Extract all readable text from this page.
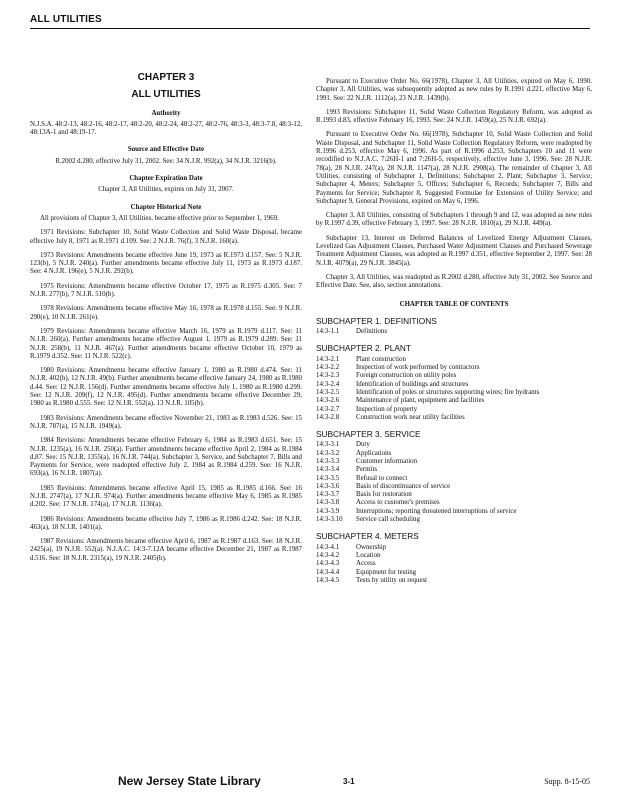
ALL UTILITIES
CHAPTER 3
ALL UTILITIES
Authority
N.J.S.A. 48:2-13, 48:2-16, 48:2-17, 48:2-20, 48:2-24, 48:2-27, 48:2-76, 48:3-3, 48:3-7.8, 48:3-12, 48:13A-1 and 48:19-17.
Source and Effective Date
R.2002 d.280, effective July 31, 2002. See: 34 N.J.R. 992(a), 34 N.J.R. 3216(b).
Chapter Expiration Date
Chapter 3, All Utilities, expires on July 31, 2007.
Chapter Historical Note

All provisions of Chapter 3, All Utilities, became effective prior to September 1, 1969.

1971 Revisions: Subchapter 10, Solid Waste Collection and Solid Waste Disposal, became effective July 8, 1971 as R.1971 d.109. See: 2 N.J.R. 76(f), 3 N.J.R. 160(a).

1973 Revisions: Amendments became effective June 19, 1973 as R.1973 d.157. See: 5 N.J.R. 123(b), 5 N.J.R. 240(a). Further amendments became effective July 11, 1973 as R.1973 d.187. See: 4 N.J.R. 196(e), 5 N.J.R. 292(b).

1975 Revisions: Amendments became effective October 17, 1975 as R.1975 d.305. See: 7 N.J.R. 277(b), 7 N.J.R. 510(b).

1978 Revisions: Amendments became effective May 16, 1978 as R.1978 d.155. See: 9 N.J.R. 290(e), 10 N.J.R. 261(e).

1979 Revisions: Amendments became effective March 16, 1979 as R.1979 d.117. See: 11 N.J.R. 260(a). Further amendments became effective August 1, 1979 as R.1979 d.289. See: 11 N.J.R. 258(b), 11 N.J.R. 467(a). Further amendments became effective October 10, 1979 as R.1979 d.352. See: 11 N.J.R. 522(c).

1980 Revisions: Amendments became effective January 1, 1980 as R.1980 d.474. See: 11 N.J.R. 402(b), 12 N.J.R. 49(b). Further amendments became effective January 24, 1980 as R.1980 d.44. See: 12 N.J.R. 156(d). Further amendments became effective July 1, 1980 as R.1980 d.299. See: 12 N.J.R. 209(f), 12 N.J.R. 495(d). Further amendments became effective December 29, 1980 as R.1980 d.555. See: 12 N.J.R. 552(a), 13 N.J.R. 105(b).

1983 Revisions: Amendments became effective November 21, 1983 as R.1983 d.526. See: 15 N.J.R. 787(a), 15 N.J.R. 1949(a).

1984 Revisions: Amendments became effective February 6, 1984 as R.1983 d.651. See: 15 N.J.R. 1235(a), 16 N.J.R. 250(a). Further amendments became effective April 2, 1984 as R.1984 d.87. See: 15 N.J.R. 1355(a), 16 N.J.R. 744(a). Subchapter 3, Service, and Subchapter 7, Bills and Payments for Service, were readopted effective July 2, 1984 as R.1984 d.259. See: 16 N.J.R. 693(a), 16 N.J.R. 1807(a).

1985 Revisions: Amendments became effective April 15, 1985 as R.1985 d.166. See: 16 N.J.R. 2747(a), 17 N.J.R. 974(a). Further amendments became effective May 6, 1985 as R.1985 d.202. See: 17 N.J.R. 174(a), 17 N.J.R. 1136(a).

1986 Revisions: Amendments became effective July 7, 1986 as R.1986 d.242. See: 18 N.J.R. 463(a), 18 N.J.R. 1401(a).

1987 Revisions: Amendments became effective April 6, 1987 as R.1987 d.163. See: 18 N.J.R. 2425(a), 19 N.J.R. 552(a). N.J.A.C. 14:3-7.12A became effective December 21, 1987 as R.1987 d.516. See: 18 N.J.R. 2315(a), 19 N.J.R. 2405(b).

Pursuant to Executive Order No. 66(1978), Chapter 3, All Utilities, expired on May 6, 1990. Chapter 3, All Utilities, was subsequently adopted as new rules by R.1991 d.221, effective May 6, 1991. See: 22 N.J.R. 1112(a), 23 N.J.R. 1439(b).

1993 Revisions: Subchapter 11, Solid Waste Collection Regulatory Reform, was adopted as R.1993 d.83, effective February 16, 1993. See: 24 N.J.R. 1459(a), 25 N.J.R. 692(a).

Pursuant to Executive Order No. 66(1978), Subchapter 10, Solid Waste Collection and Solid Waste Disposal, and Subchapter 11, Solid Waste Collection Regulatory Reform, were readopted by R.1996 d.253, effective May 6, 1996. As part of R.1996 d.253, Subchapters 10 and 11 were recodified to N.J.A.C. 7:26H-1 and 7:26H-5, respectively, effective June 3, 1996. See: 28 N.J.R. 78(a), 28 N.J.R. 247(a), 28 N.J.R. 1147(a), 28 N.J.R. 2908(a). The remainder of Chapter 3, All Utilities, consisting of Subchapter 1, Definitions; Subchapter 2, Plant; Subchapter 3, Service; Subchapter 4, Meters; Subchapter 5, Offices; Subchapter 6, Records; Subchapter 7, Bills and Payments for Service; Subchapter 8, Suggested Formulae for Extension of Utility Service; and Subchapter 9, General Provisions, expired on May 6, 1996.

Chapter 3, All Utilities, consisting of Subchapters 1 through 9 and 12, was adopted as new rules by R.1997 d.39, effective February 3, 1997. See: 28 N.J.R. 1810(a), 29 N.J.R. 449(a).

Subchapter 13, Interest on Deferred Balances of Levelized Energy Adjustment Clauses, Levelized Gas Adjustment Clauses, Purchased Water Adjustment Clauses and Purchased Sewerage Treatment Adjustment Clauses, was adopted as R.1997 d.351, effective September 2, 1997. See: 28 N.J.R. 4079(a), 29 N.J.R. 3845(a).

Chapter 3, All Utilities, was readopted as R.2002 d.280, effective July 31, 2002. See Source and Effective Date. See, also, section annotations.

CHAPTER TABLE OF CONTENTS
SUBCHAPTER 1. DEFINITIONS
14:3-1.1	Definitions
SUBCHAPTER 2. PLANT
14:3-2.1	Plant construction
14:3-2.2	Inspection of work performed by contractors
14:3-2.3	Foreign construction on utility poles
14:3-2.4	Identification of buildings and structures
14:3-2.5	Identification of poles or structures supporting wires; fire hydrants
14:3-2.6	Maintenance of plant, equipment and facilities
14:3-2.7	Inspection of property
14:3-2.8	Construction work near utility facilities
SUBCHAPTER 3. SERVICE
14:3-3.1	Duty
14:3-3.2	Applications
14:3-3.3	Customer information
14:3-3.4	Permits
14:3-3.5	Refusal to connect
14:3-3.6	Basis of discontinuance of service
14:3-3.7	Basis for restoration
14:3-3.8	Access to customer's premises
14:3-3.9	Interruptions; reporting threatened interruptions of service
14:3-3.10	Service call scheduling
SUBCHAPTER 4. METERS
14:3-4.1	Ownership
14:3-4.2	Location
14:3-4.3	Access
14:3-4.4	Equipment for testing
14:3-4.5	Tests by utility on request
New Jersey State Library	3-1	Supp. 8-15-05
